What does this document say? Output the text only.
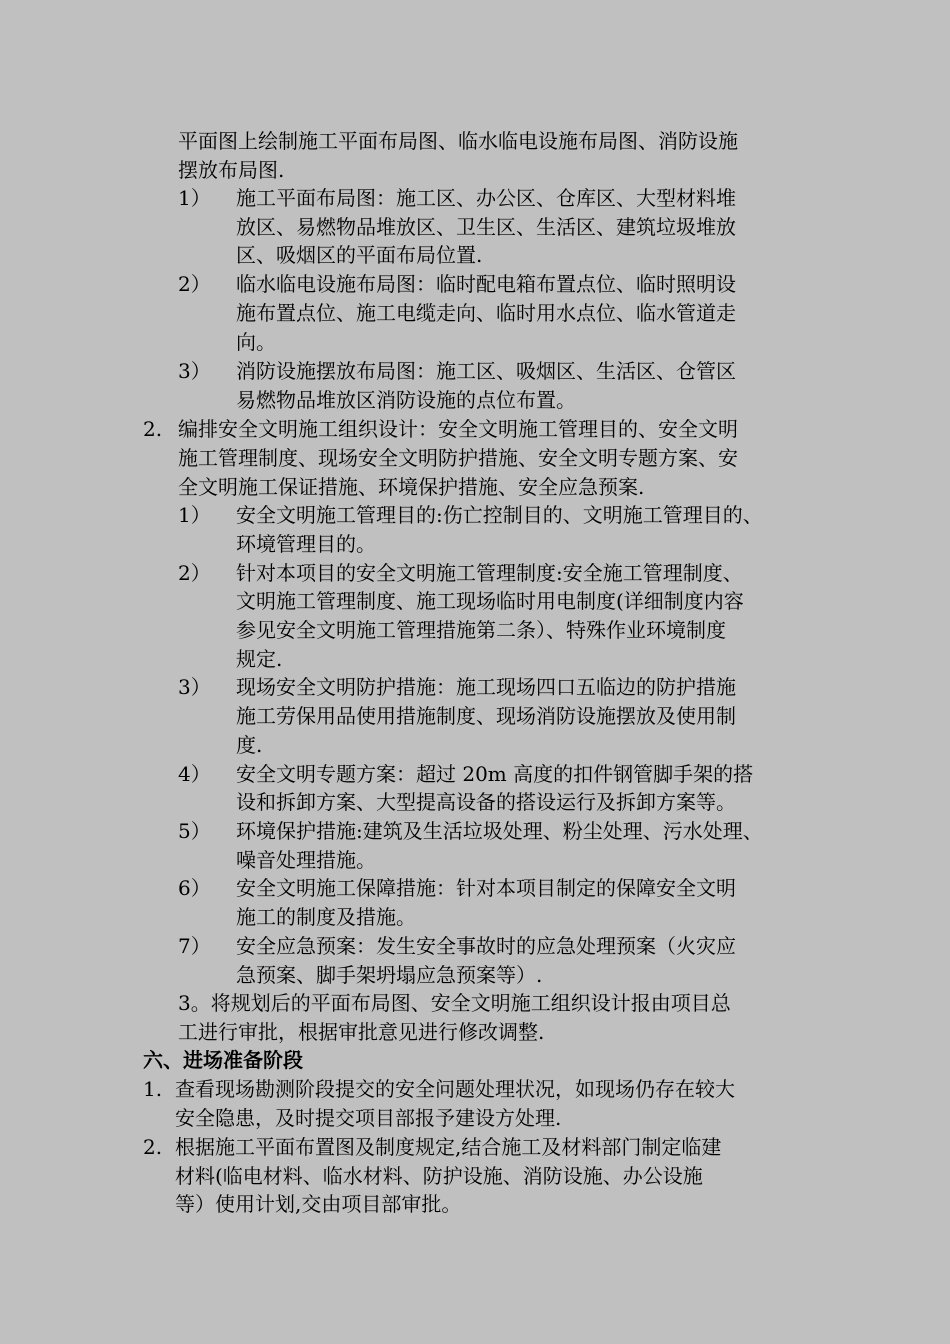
平面图上绘制施工平面布局图、临水临电设施布局图、消防设施
摆放布局图.
1） 施工平面布局图：施工区、办公区、仓库区、大型材料堆
放区、易燃物品堆放区、卫生区、生活区、建筑垃圾堆放
区、吸烟区的平面布局位置.
2） 临水临电设施布局图：临时配电箱布置点位、临时照明设
施布置点位、施工电缆走向、临时用水点位、临水管道走
向。
3） 消防设施摆放布局图：施工区、吸烟区、生活区、仓管区
易燃物品堆放区消防设施的点位布置。
2. 编排安全文明施工组织设计：安全文明施工管理目的、安全文明
施工管理制度、现场安全文明防护措施、安全文明专题方案、安
全文明施工保证措施、环境保护措施、安全应急预案.
1） 安全文明施工管理目的:伤亡控制目的、文明施工管理目的、
环境管理目的。
2） 针对本项目的安全文明施工管理制度:安全施工管理制度、
文明施工管理制度、施工现场临时用电制度(详细制度内容
参见安全文明施工管理措施第二条）、特殊作业环境制度
规定.
3） 现场安全文明防护措施：施工现场四口五临边的防护措施
施工劳保用品使用措施制度、现场消防设施摆放及使用制
度.
4） 安全文明专题方案：超过 20m 高度的扣件钢管脚手架的搭
设和拆卸方案、大型提高设备的搭设运行及拆卸方案等。
5） 环境保护措施:建筑及生活垃圾处理、粉尘处理、污水处理、
噪音处理措施。
6） 安全文明施工保障措施：针对本项目制定的保障安全文明
施工的制度及措施。
7） 安全应急预案：发生安全事故时的应急处理预案（火灾应
急预案、脚手架坍塌应急预案等）.
3。将规划后的平面布局图、安全文明施工组织设计报由项目总
工进行审批，根据审批意见进行修改调整.
六、进场准备阶段
1. 查看现场勘测阶段提交的安全问题处理状况，如现场仍存在较大
安全隐患，及时提交项目部报予建设方处理.
2. 根据施工平面布置图及制度规定,结合施工及材料部门制定临建
材料(临电材料、临水材料、防护设施、消防设施、办公设施
等）使用计划,交由项目部审批。
